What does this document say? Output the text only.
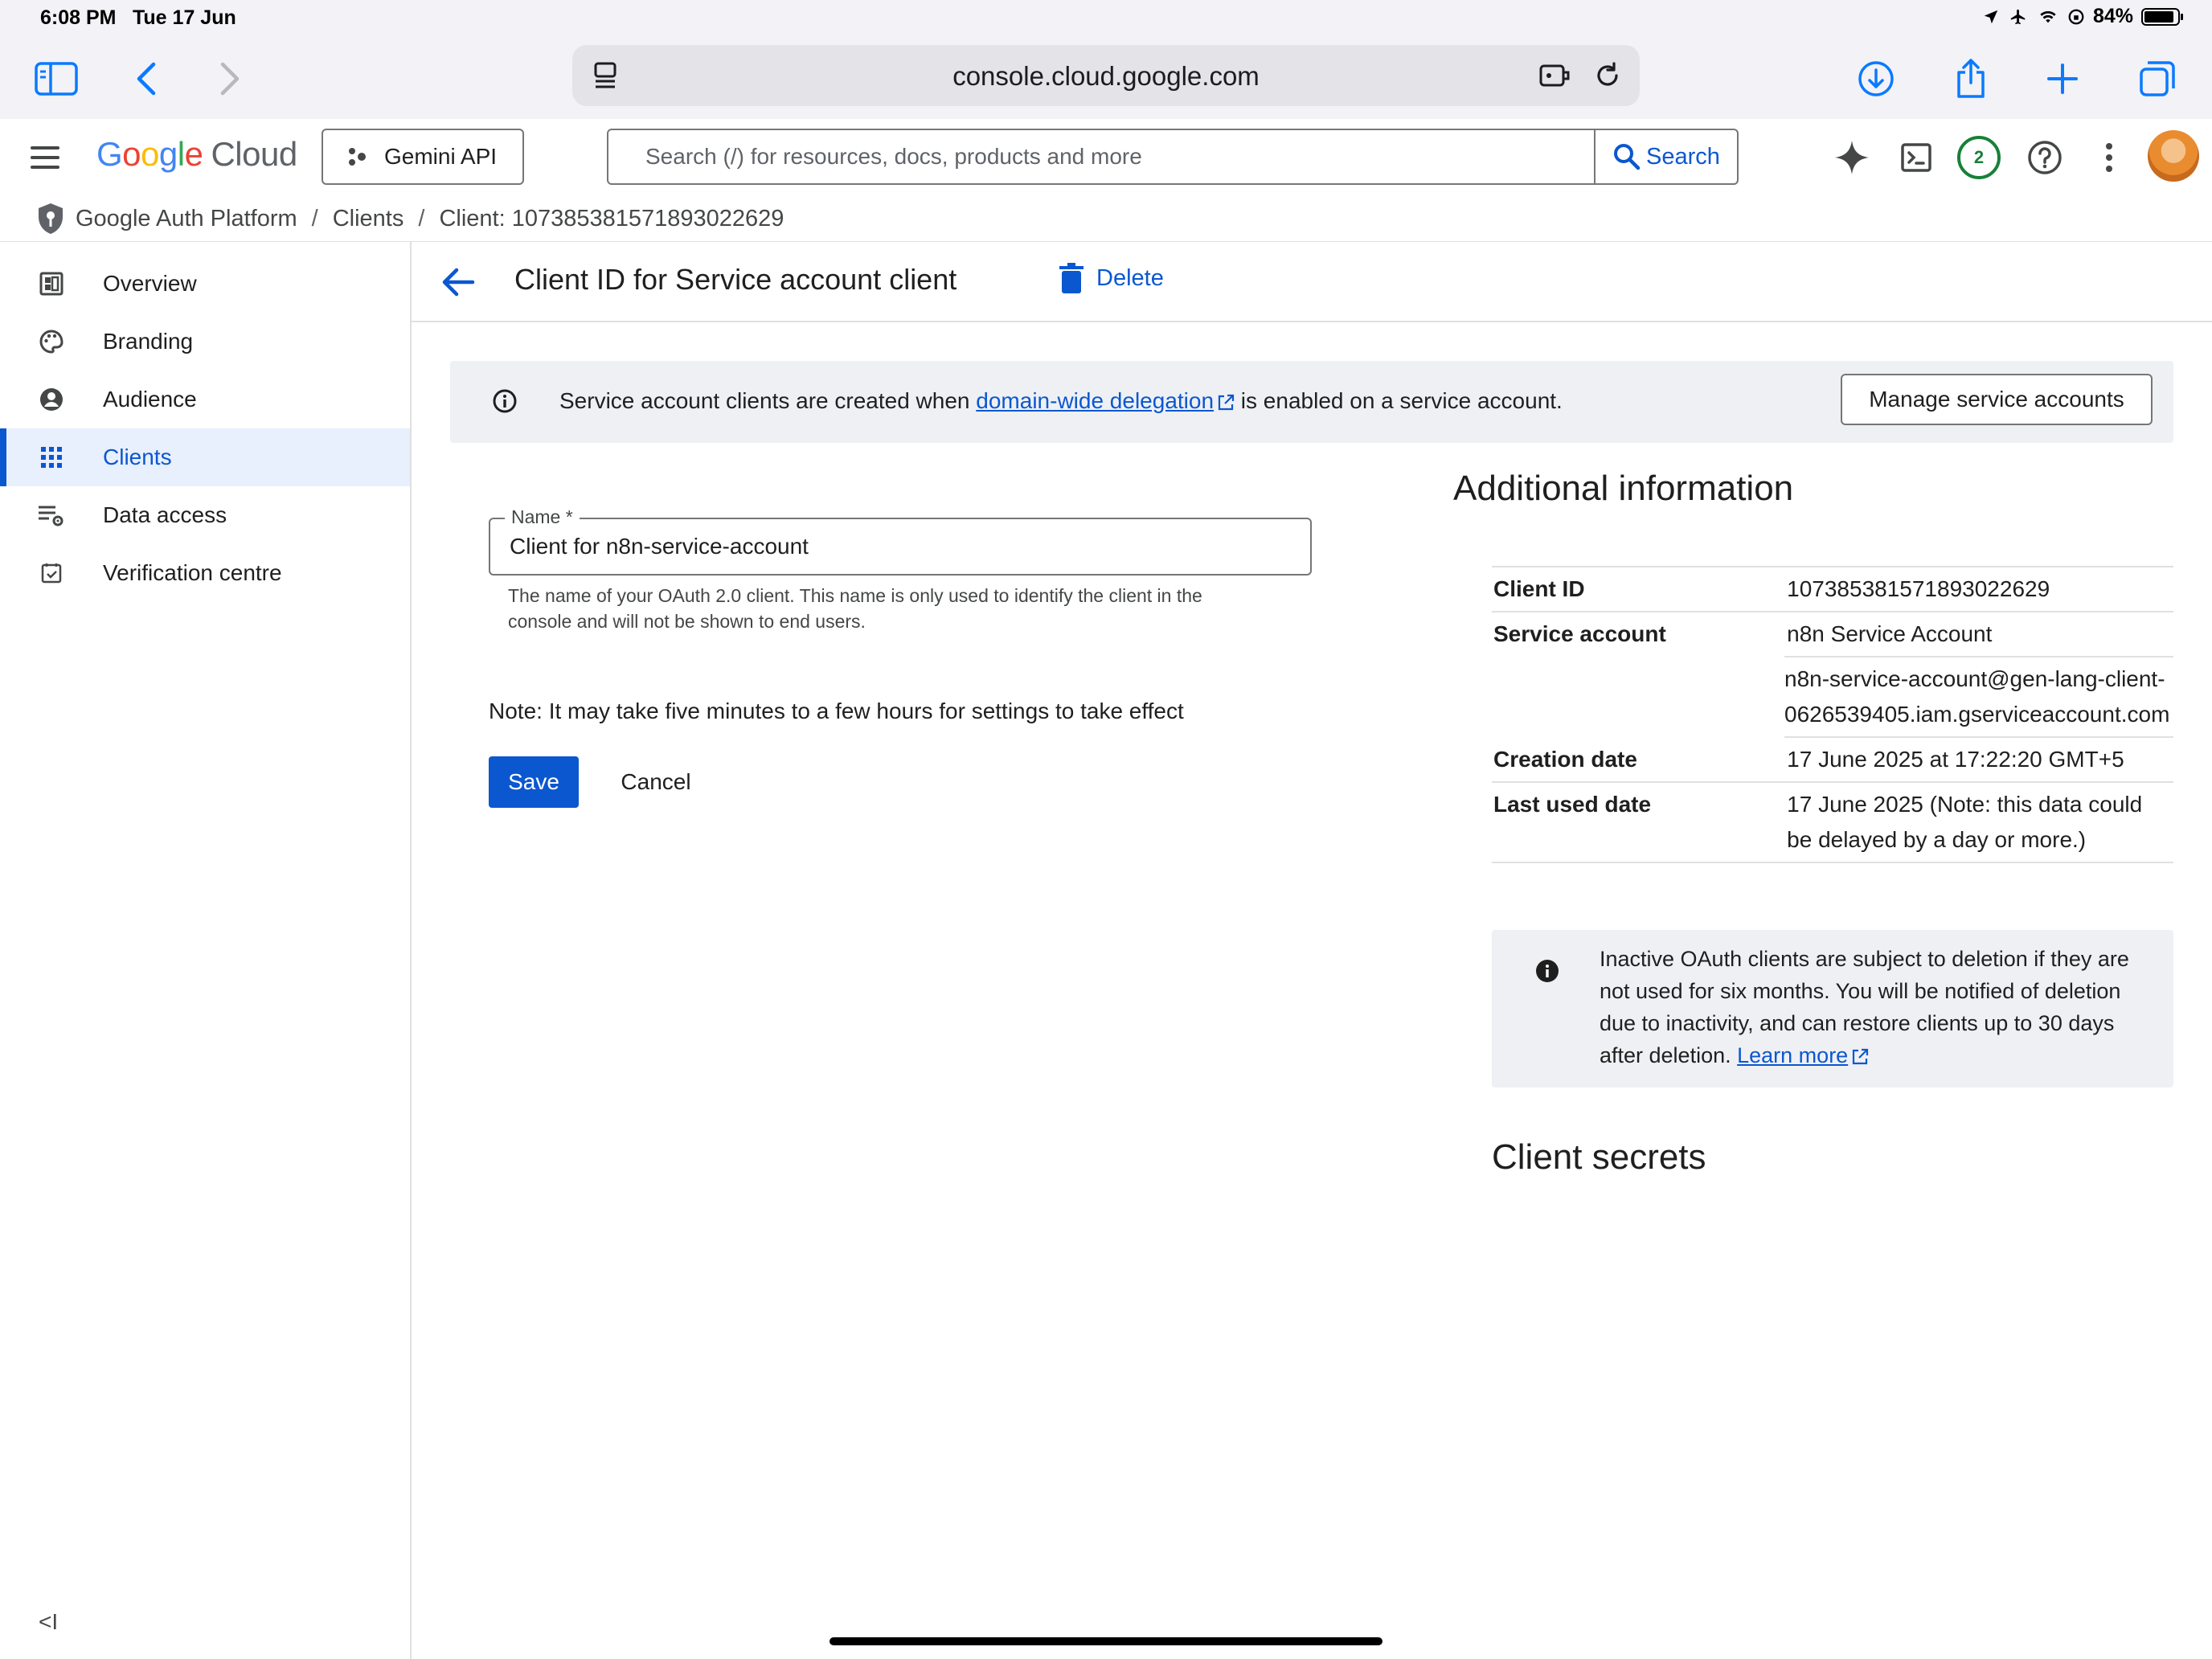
6:08 PM Tue 17 Jun	84%
console.cloud.google.com
Google Cloud	Gemini API
Search (/) for resources, docs, products and more	Search	2
Google Auth Platform / Clients / Client: 107385381571893022629
Overview
Branding
Audience
Clients
Data access
Verification centre
<I
Client ID for Service account client	Delete
Service account clients are created when domain-wide delegation is enabled on a service account.	Manage service accounts
Name *
Client for n8n-service-account
The name of your OAuth 2.0 client. This name is only used to identify the client in the console and will not be shown to end users.
Note: It may take five minutes to a few hours for settings to take effect
Save	Cancel
Additional information
Client ID	107385381571893022629
Service account	n8n Service Account
n8n-service-account@gen-lang-client-0626539405.iam.gserviceaccount.com
Creation date	17 June 2025 at 17:22:20 GMT+5
Last used date	17 June 2025 (Note: this data could be delayed by a day or more.)
Inactive OAuth clients are subject to deletion if they are not used for six months. You will be notified of deletion due to inactivity, and can restore clients up to 30 days after deletion. Learn more
Client secrets
